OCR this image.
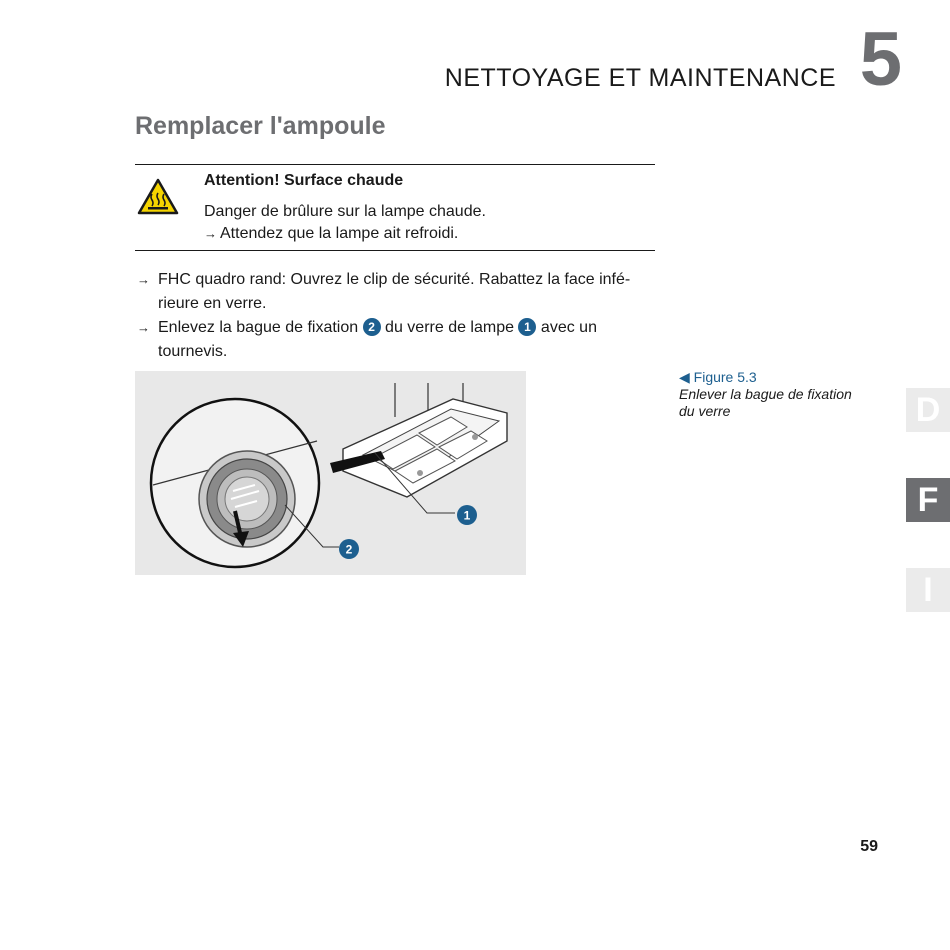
NETTOYAGE ET MAINTENANCE 5
Remplacer l'ampoule
Attention! Surface chaude
Danger de brûlure sur la lampe chaude.
→ Attendez que la lampe ait refroidi.
→ FHC quadro rand: Ouvrez le clip de sécurité. Rabattez la face infé-
rieure en verre.
→ Enlevez la bague de fixation 2 du verre de lampe 1 avec un
tournevis.
1
2
◀ Figure 5.3
Enlever la bague de fixation du verre	D
F
I
59
